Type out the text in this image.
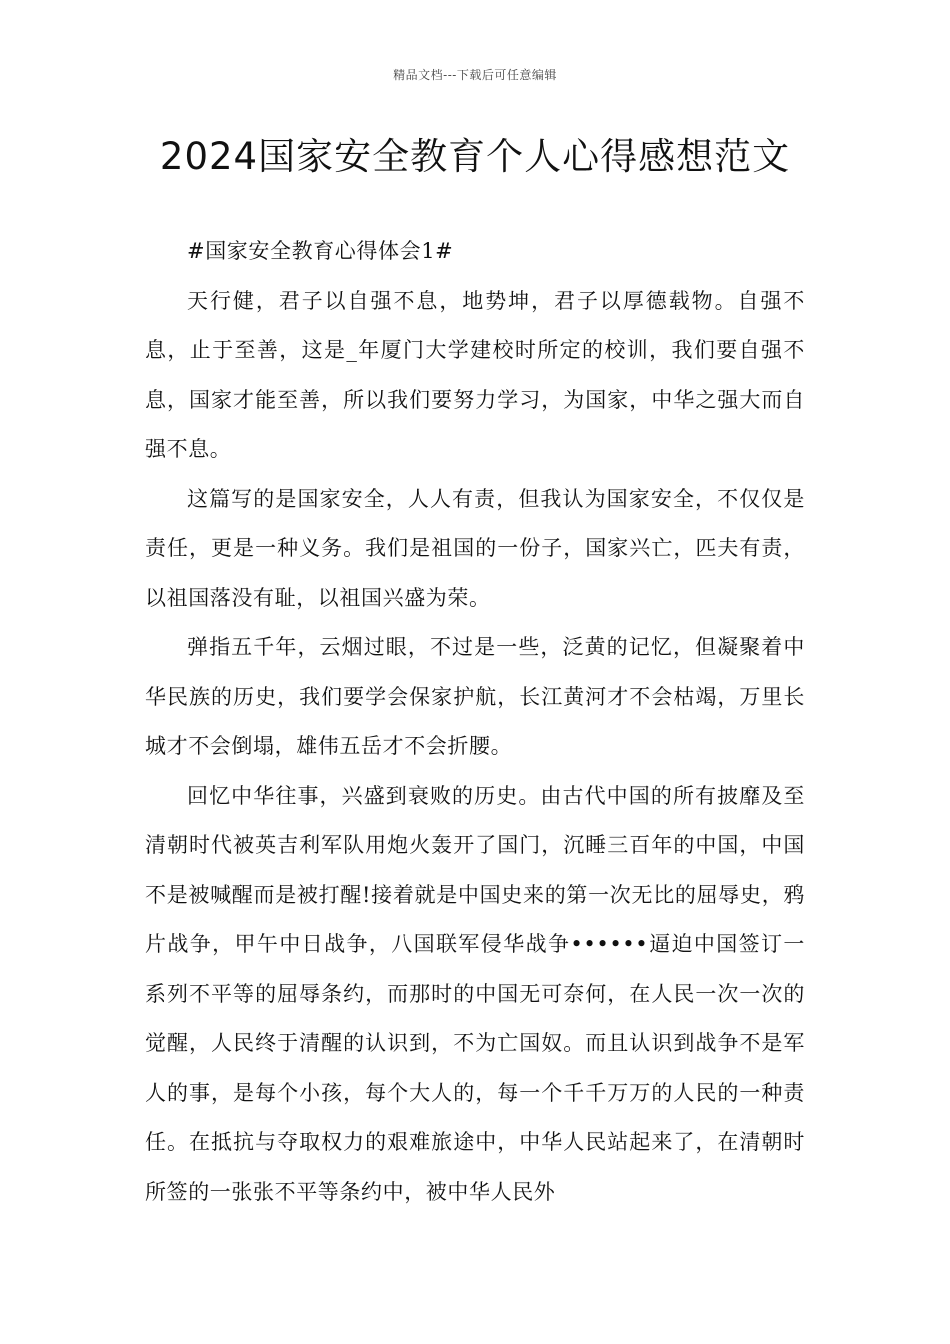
精品文档---下载后可任意编辑
2024国家安全教育个人心得感想范文

#国家安全教育心得体会1#

天行健，君子以自强不息，地势坤，君子以厚德载物。自强不息，止于至善，这是_年厦门大学建校时所定的校训，我们要自强不息，国家才能至善，所以我们要努力学习，为国家，中华之强大而自强不息。

这篇写的是国家安全，人人有责，但我认为国家安全，不仅仅是责任，更是一种义务。我们是祖国的一份子，国家兴亡，匹夫有责，以祖国落没有耻，以祖国兴盛为荣。

弹指五千年，云烟过眼，不过是一些，泛黄的记忆，但凝聚着中华民族的历史，我们要学会保家护航，长江黄河才不会枯竭，万里长城才不会倒塌，雄伟五岳才不会折腰。

回忆中华往事，兴盛到衰败的历史。由古代中国的所有披靡及至清朝时代被英吉利军队用炮火轰开了国门，沉睡三百年的中国，中国不是被喊醒而是被打醒!接着就是中国史来的第一次无比的屈辱史，鸦片战争，甲午中日战争，八国联军侵华战争••••••逼迫中国签订一系列不平等的屈辱条约，而那时的中国无可奈何，在人民一次一次的觉醒，人民终于清醒的认识到，不为亡国奴。而且认识到战争不是军人的事，是每个小孩，每个大人的，每一个千千万万的人民的一种责任。在抵抗与夺取权力的艰难旅途中，中华人民站起来了，在清朝时所签的一张张不平等条约中，被中华人民外
